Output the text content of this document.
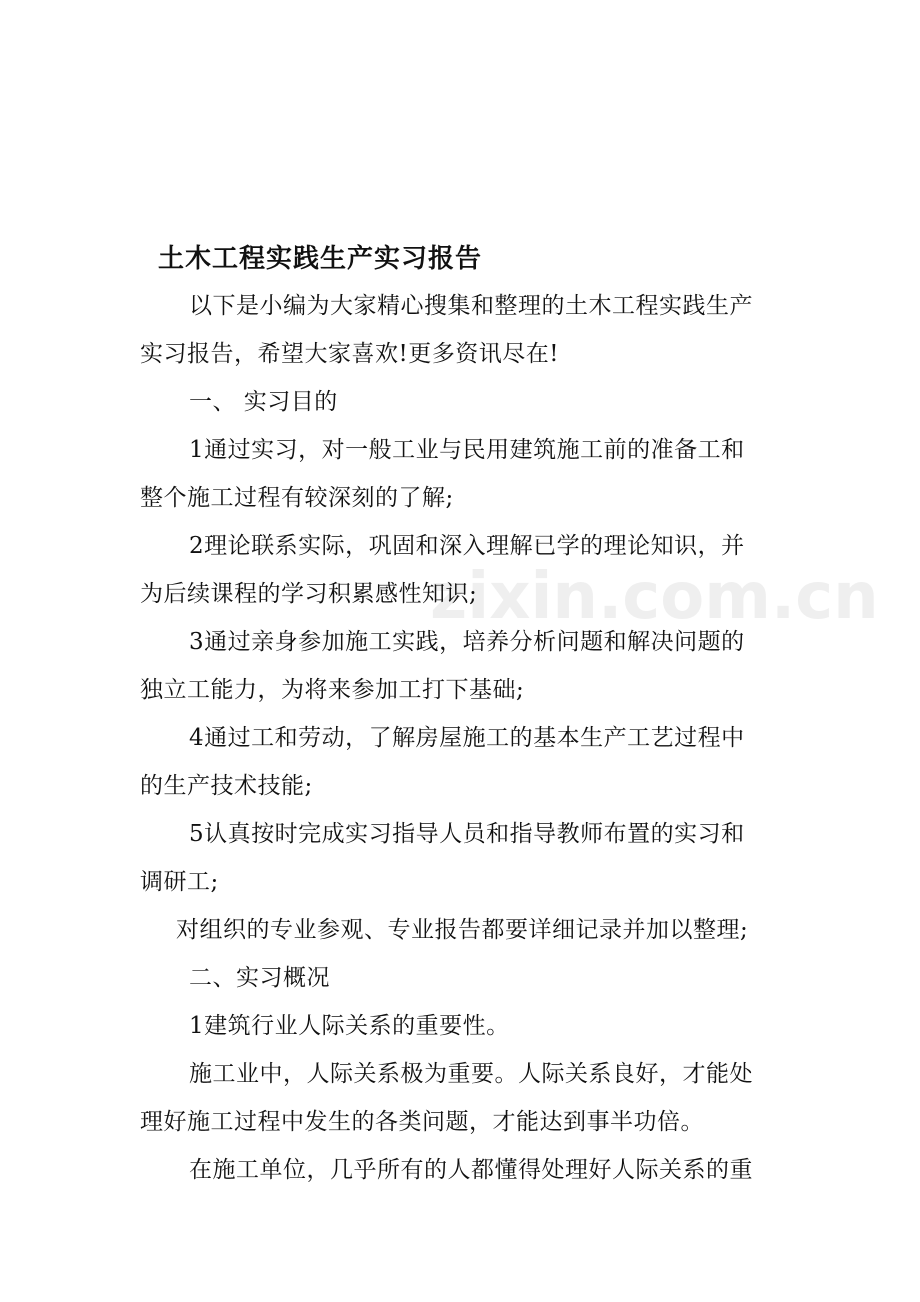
zixin.com.cn
土木工程实践生产实习报告
以下是小编为大家精心搜集和整理的土木工程实践生产
实习报告，希望大家喜欢!更多资讯尽在!
一、 实习目的
1通过实习，对一般工业与民用建筑施工前的准备工和
整个施工过程有较深刻的了解;
2理论联系实际，巩固和深入理解已学的理论知识，并
为后续课程的学习积累感性知识;
3通过亲身参加施工实践，培养分析问题和解决问题的
独立工能力，为将来参加工打下基础;
4通过工和劳动，了解房屋施工的基本生产工艺过程中
的生产技术技能;
5认真按时完成实习指导人员和指导教师布置的实习和
调研工;
对组织的专业参观、专业报告都要详细记录并加以整理;
二、实习概况
1建筑行业人际关系的重要性。
施工业中，人际关系极为重要。人际关系良好，才能处
理好施工过程中发生的各类问题，才能达到事半功倍。
在施工单位，几乎所有的人都懂得处理好人际关系的重
